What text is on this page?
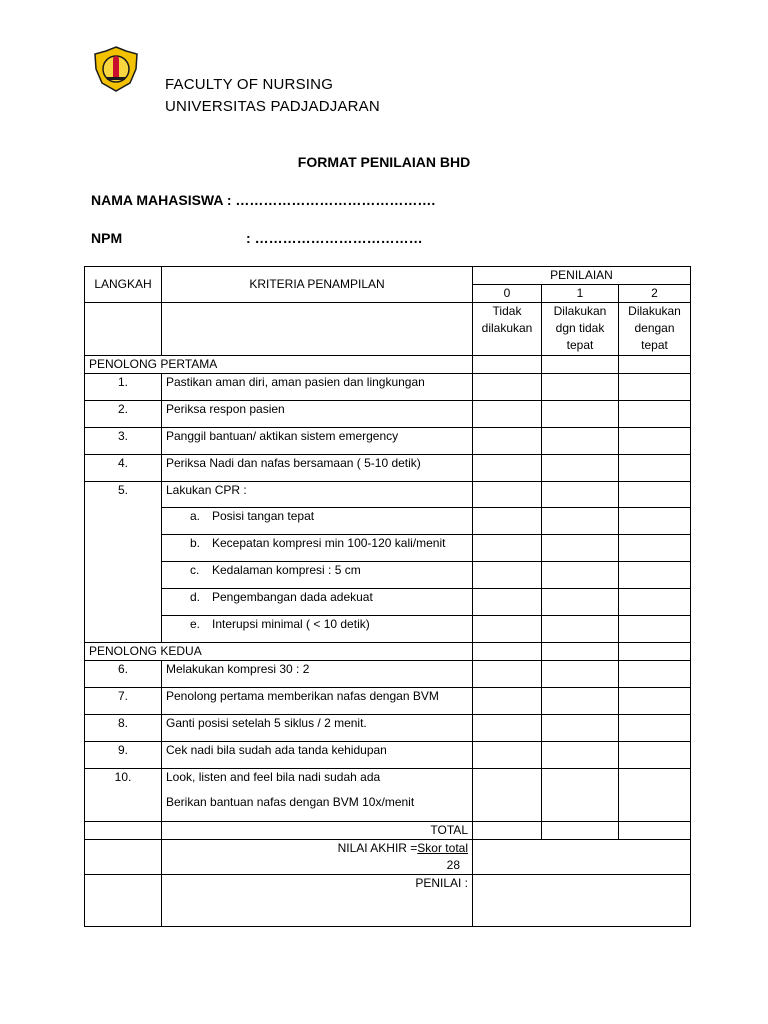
FACULTY OF NURSING
UNIVERSITAS PADJADJARAN
FORMAT PENILAIAN BHD
NAMA MAHASISWA : …………………………………….
NPM	: ………………………………
LANGKAH	KRITERIA PENAMPILAN	PENILAIAN		
		0	1	2
		Tidak dilakukan	Dilakukan dgn tidak tepat	Dilakukan dengan tepat
PENOLONG PERTAMA				
1.	Pastikan aman diri, aman pasien dan lingkungan			
2.	Periksa respon pasien			
3.	Panggil bantuan/ aktikan sistem emergency			
4.	Periksa Nadi dan nafas bersamaan ( 5-10 detik)			
5.	Lakukan CPR :			
	a. Posisi tangan tepat			
	b. Kecepatan kompresi min 100-120 kali/menit			
	c. Kedalaman kompresi : 5 cm			
	d. Pengembangan dada adekuat			
	e. Interupsi minimal ( < 10 detik)			
PENOLONG KEDUA				
6.	Melakukan kompresi 30 : 2			
7.	Penolong pertama memberikan nafas dengan BVM			
8.	Ganti posisi setelah 5 siklus / 2 menit.			
9.	Cek nadi bila sudah ada tanda kehidupan			
10.	Look, listen and feel bila nadi sudah ada
Berikan bantuan nafas dengan BVM 10x/menit			

	TOTAL			

	NILAI AKHIR =Skor total
28			

	PENILAI :			
